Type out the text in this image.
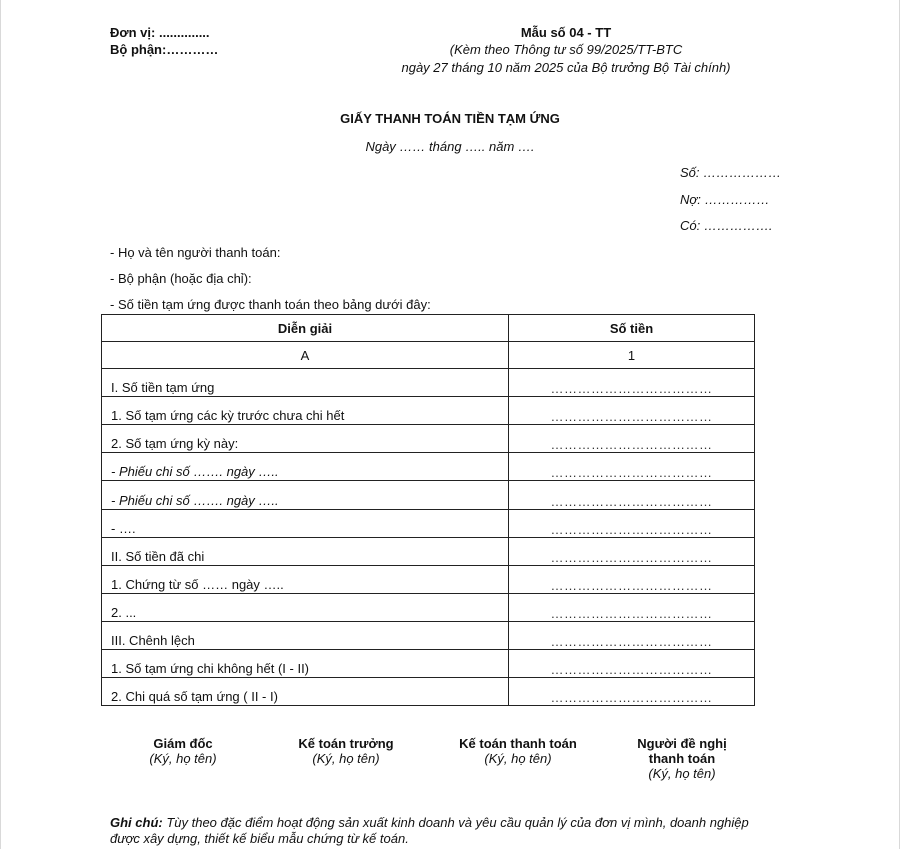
Đơn vị: ..............
Bộ phận:…………
Mẫu số 04 - TT
(Kèm theo Thông tư số 99/2025/TT-BTC
ngày 27 tháng 10 năm 2025 của Bộ trưởng Bộ Tài chính)
GIẤY THANH TOÁN TIỀN TẠM ỨNG
Ngày …… tháng ….. năm ….
Số: ………………
Nợ: ……………
Có: …………….
- Họ và tên người thanh toán:
- Bộ phận (hoặc địa chỉ):
- Số tiền tạm ứng được thanh toán theo bảng dưới đây:
Diễn giải	Số tiền
A	1
I. Số tiền tạm ứng	………………………………
1. Số tạm ứng các kỳ trước chưa chi hết	………………………………
2. Số tạm ứng kỳ này:	………………………………
- Phiếu chi số ……. ngày …..	………………………………
- Phiếu chi số ……. ngày …..	………………………………
- ….	………………………………
II. Số tiền đã chi	………………………………
1. Chứng từ số …… ngày …..	………………………………
2. ...	………………………………
III. Chênh lệch	………………………………
1. Số tạm ứng chi không hết (I - II)	………………………………
2. Chi quá số tạm ứng ( II - I)	………………………………
Giám đốc
(Ký, họ tên)
Kế toán trưởng
(Ký, họ tên)
Kế toán thanh toán
(Ký, họ tên)
Người đề nghị thanh toán
(Ký, họ tên)
Ghi chú: Tùy theo đặc điểm hoạt động sản xuất kinh doanh và yêu cầu quản lý của đơn vị mình, doanh nghiệp được xây dựng, thiết kế biểu mẫu chứng từ kế toán.
